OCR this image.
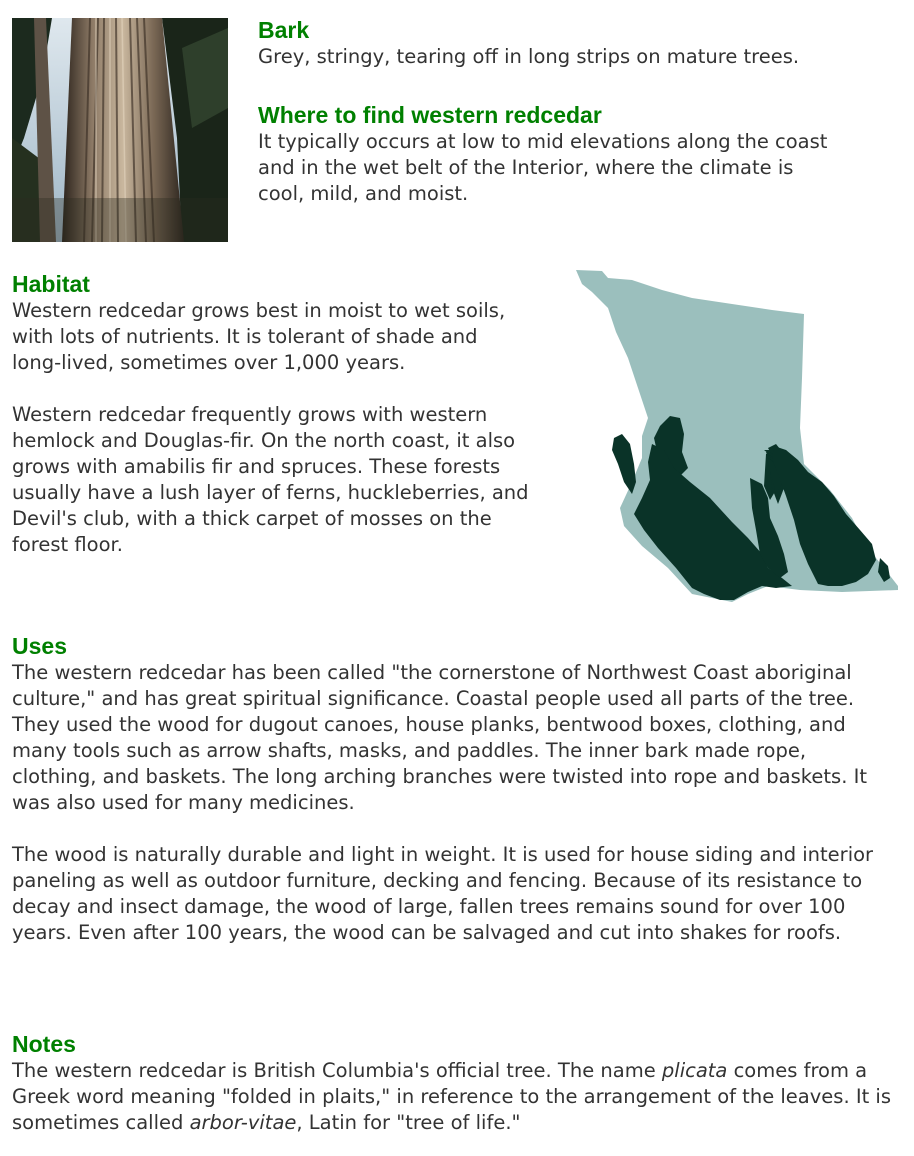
Bark

Grey, stringy, tearing off in long strips on mature trees.

Where to find western redcedar

It typically occurs at low to mid elevations along the coast and in the wet belt of the Interior, where the climate is cool, mild, and moist.

Habitat

Western redcedar grows best in moist to wet soils, with lots of nutrients. It is tolerant of shade and long-lived, sometimes over 1,000 years.

Western redcedar frequently grows with western hemlock and Douglas-fir. On the north coast, it also grows with amabilis fir and spruces. These forests usually have a lush layer of ferns, huckleberries, and Devil's club, with a thick carpet of mosses on the forest floor.

Uses

The western redcedar has been called "the cornerstone of Northwest Coast aboriginal culture," and has great spiritual significance. Coastal people used all parts of the tree. They used the wood for dugout canoes, house planks, bentwood boxes, clothing, and many tools such as arrow shafts, masks, and paddles. The inner bark made rope, clothing, and baskets. The long arching branches were twisted into rope and baskets. It was also used for many medicines.

The wood is naturally durable and light in weight. It is used for house siding and interior paneling as well as outdoor furniture, decking and fencing. Because of its resistance to decay and insect damage, the wood of large, fallen trees remains sound for over 100 years. Even after 100 years, the wood can be salvaged and cut into shakes for roofs.

Notes

The western redcedar is British Columbia's official tree. The name plicata comes from a Greek word meaning "folded in plaits," in reference to the arrangement of the leaves. It is sometimes called arbor-vitae, Latin for "tree of life."
